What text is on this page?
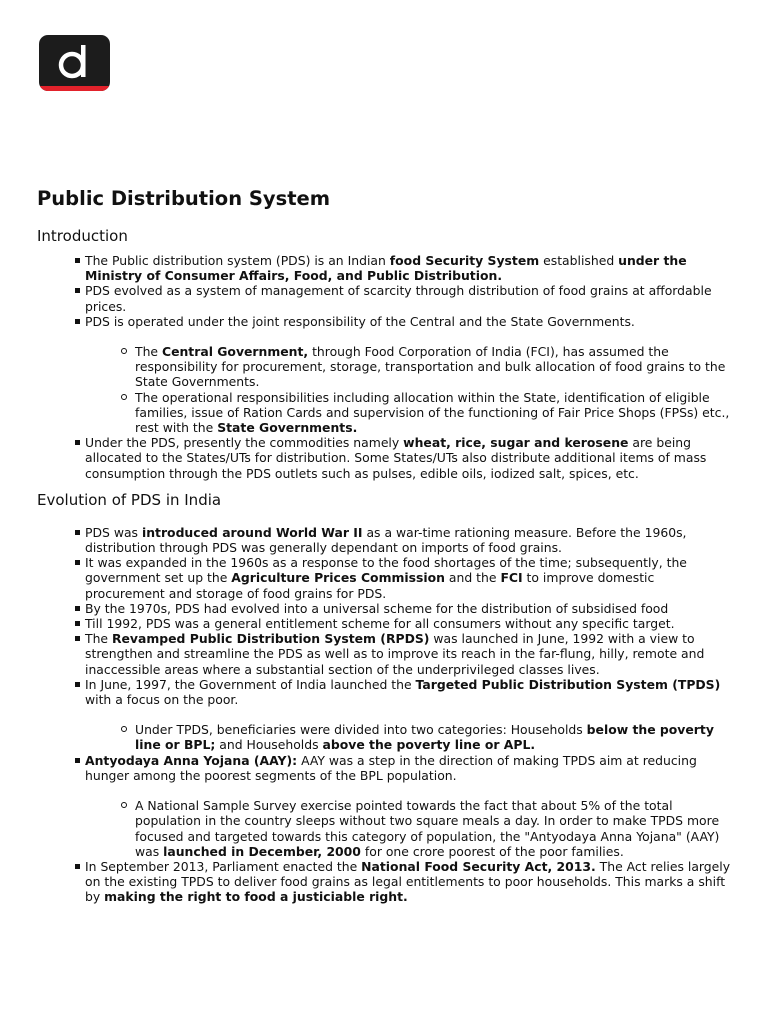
Public Distribution System
Introduction
The Public distribution system (PDS) is an Indian food Security System established under the Ministry of Consumer Affairs, Food, and Public Distribution.
PDS evolved as a system of management of scarcity through distribution of food grains at affordable prices.
PDS is operated under the joint responsibility of the Central and the State Governments.
The Central Government, through Food Corporation of India (FCI), has assumed the responsibility for procurement, storage, transportation and bulk allocation of food grains to the State Governments.
The operational responsibilities including allocation within the State, identification of eligible families, issue of Ration Cards and supervision of the functioning of Fair Price Shops (FPSs) etc., rest with the State Governments.
Under the PDS, presently the commodities namely wheat, rice, sugar and kerosene are being allocated to the States/UTs for distribution. Some States/UTs also distribute additional items of mass consumption through the PDS outlets such as pulses, edible oils, iodized salt, spices, etc.
Evolution of PDS in India
PDS was introduced around World War II as a war-time rationing measure. Before the 1960s, distribution through PDS was generally dependant on imports of food grains.
It was expanded in the 1960s as a response to the food shortages of the time; subsequently, the government set up the Agriculture Prices Commission and the FCI to improve domestic procurement and storage of food grains for PDS.
By the 1970s, PDS had evolved into a universal scheme for the distribution of subsidised food
Till 1992, PDS was a general entitlement scheme for all consumers without any specific target.
The Revamped Public Distribution System (RPDS) was launched in June, 1992 with a view to strengthen and streamline the PDS as well as to improve its reach in the far-flung, hilly, remote and inaccessible areas where a substantial section of the underprivileged classes lives.
In June, 1997, the Government of India launched the Targeted Public Distribution System (TPDS) with a focus on the poor.
Under TPDS, beneficiaries were divided into two categories: Households below the poverty line or BPL; and Households above the poverty line or APL.
Antyodaya Anna Yojana (AAY): AAY was a step in the direction of making TPDS aim at reducing hunger among the poorest segments of the BPL population.
A National Sample Survey exercise pointed towards the fact that about 5% of the total population in the country sleeps without two square meals a day. In order to make TPDS more focused and targeted towards this category of population, the "Antyodaya Anna Yojana" (AAY) was launched in December, 2000 for one crore poorest of the poor families.
In September 2013, Parliament enacted the National Food Security Act, 2013. The Act relies largely on the existing TPDS to deliver food grains as legal entitlements to poor households. This marks a shift by making the right to food a justiciable right.
